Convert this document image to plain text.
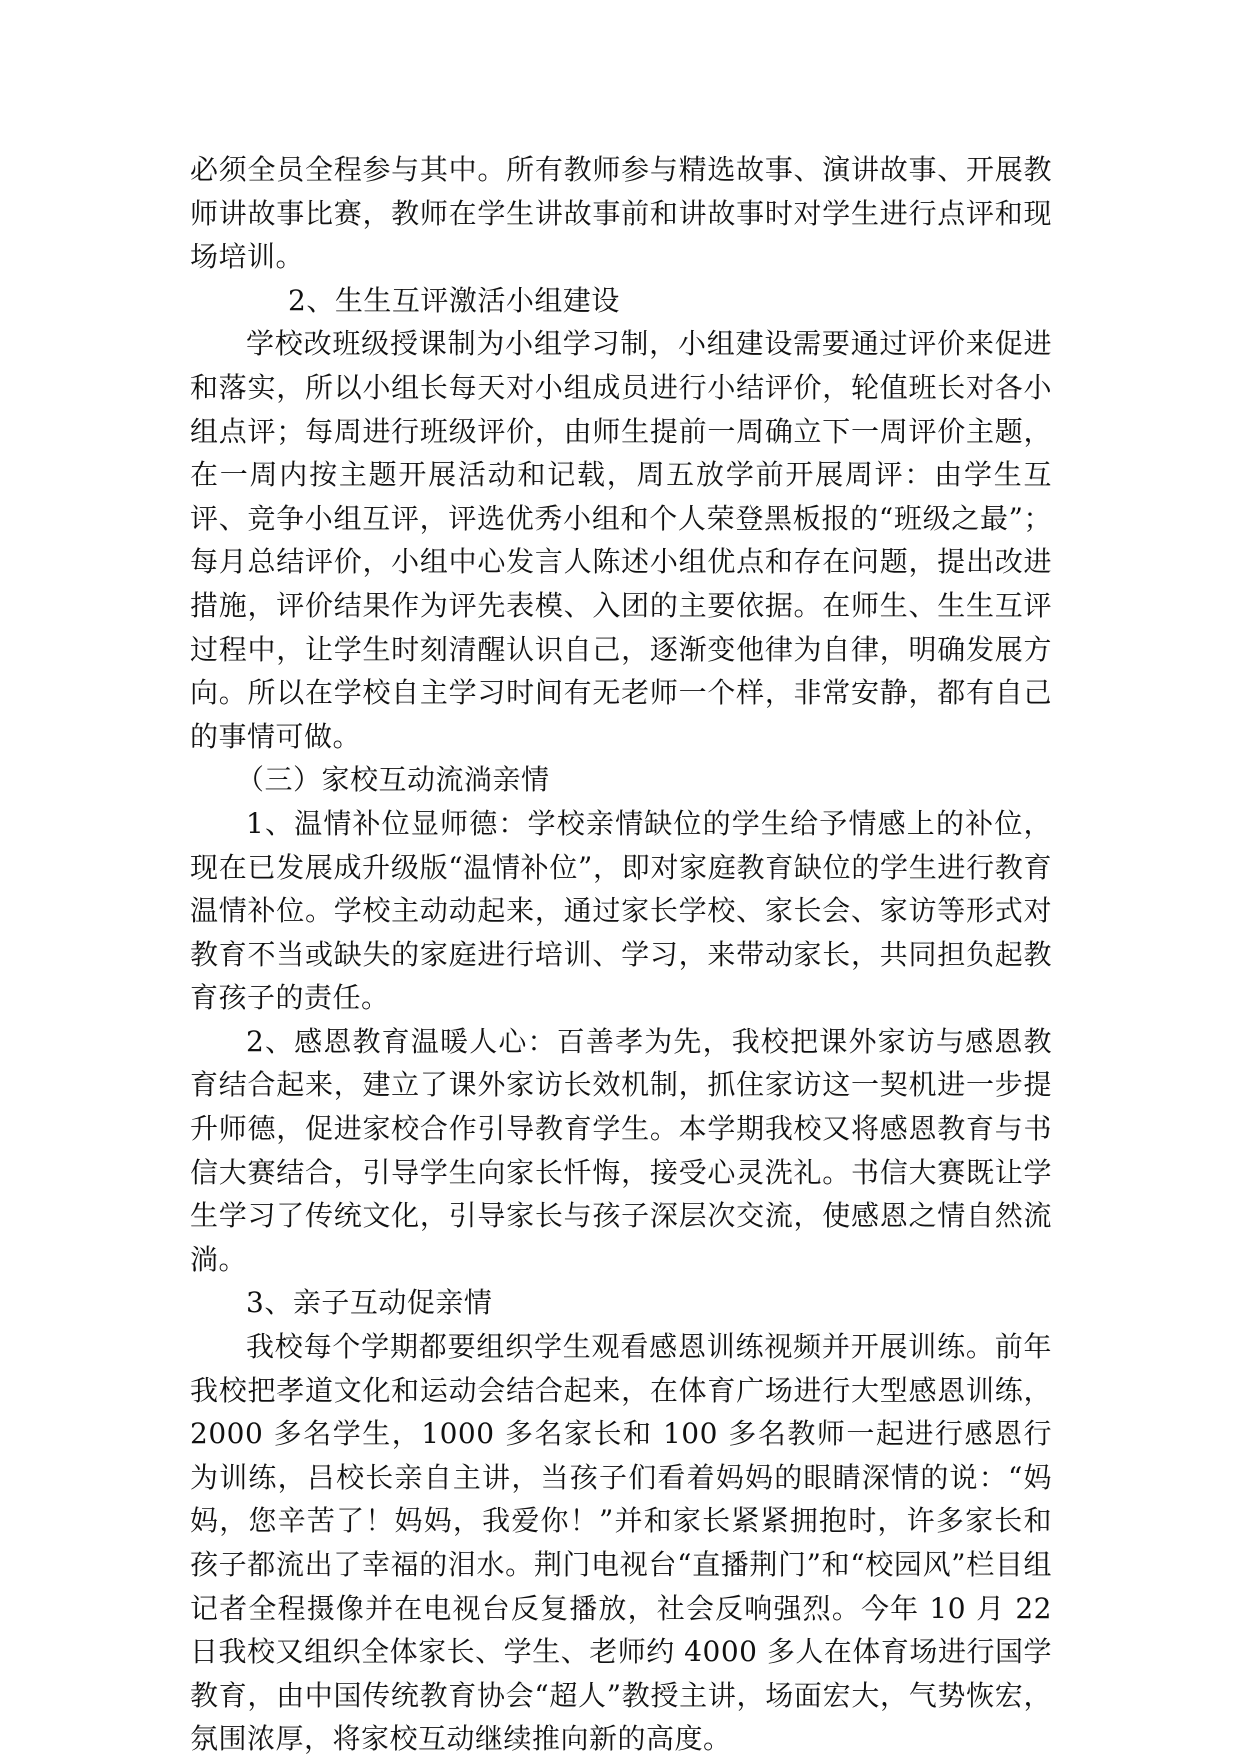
必须全员全程参与其中。所有教师参与精选故事、演讲故事、开展教师讲故事比赛，教师在学生讲故事前和讲故事时对学生进行点评和现场培训。

2、生生互评激活小组建设

学校改班级授课制为小组学习制，小组建设需要通过评价来促进和落实，所以小组长每天对小组成员进行小结评价，轮值班长对各小组点评；每周进行班级评价，由师生提前一周确立下一周评价主题，在一周内按主题开展活动和记载，周五放学前开展周评：由学生互评、竞争小组互评，评选优秀小组和个人荣登黑板报的“班级之最”；每月总结评价，小组中心发言人陈述小组优点和存在问题，提出改进措施，评价结果作为评先表模、入团的主要依据。在师生、生生互评过程中，让学生时刻清醒认识自己，逐渐变他律为自律，明确发展方向。所以在学校自主学习时间有无老师一个样，非常安静，都有自己的事情可做。

（三）家校互动流淌亲情

1、温情补位显师德：学校亲情缺位的学生给予情感上的补位，现在已发展成升级版“温情补位”，即对家庭教育缺位的学生进行教育温情补位。学校主动动起来，通过家长学校、家长会、家访等形式对教育不当或缺失的家庭进行培训、学习，来带动家长，共同担负起教育孩子的责任。

2、感恩教育温暖人心：百善孝为先，我校把课外家访与感恩教育结合起来，建立了课外家访长效机制，抓住家访这一契机进一步提升师德，促进家校合作引导教育学生。本学期我校又将感恩教育与书信大赛结合，引导学生向家长忏悔，接受心灵洗礼。书信大赛既让学生学习了传统文化，引导家长与孩子深层次交流，使感恩之情自然流淌。

3、亲子互动促亲情

我校每个学期都要组织学生观看感恩训练视频并开展训练。前年我校把孝道文化和运动会结合起来，在体育广场进行大型感恩训练，2000 多名学生，1000 多名家长和 100 多名教师一起进行感恩行为训练，吕校长亲自主讲，当孩子们看着妈妈的眼睛深情的说：“妈妈，您辛苦了！妈妈，我爱你！”并和家长紧紧拥抱时，许多家长和孩子都流出了幸福的泪水。荆门电视台“直播荆门”和“校园风”栏目组记者全程摄像并在电视台反复播放，社会反响强烈。今年 10 月 22 日我校又组织全体家长、学生、老师约 4000 多人在体育场进行国学教育，由中国传统教育协会“超人”教授主讲，场面宏大，气势恢宏，氛围浓厚，将家校互动继续推向新的高度。
